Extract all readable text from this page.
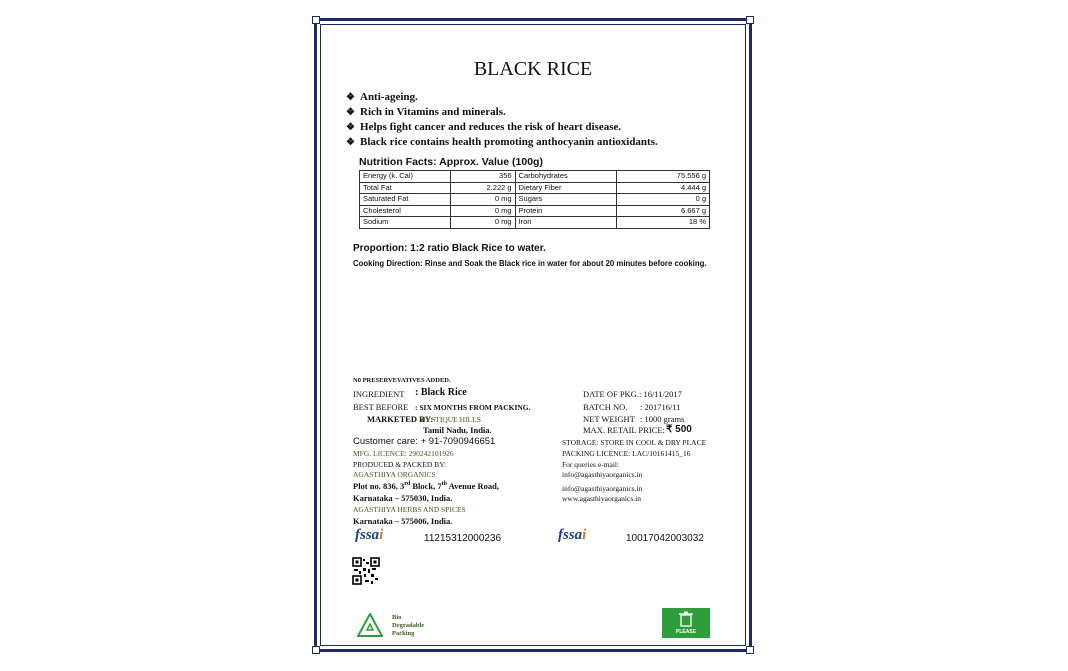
BLACK RICE
❖ Anti-ageing.
❖ Rich in Vitamins and minerals.
❖ Helps fight cancer and reduces the risk of heart disease.
❖ Black rice contains health promoting anthocyanin antioxidants.
Nutrition Facts: Approx. Value (100g)
Energy (k. Cal)	356	Carbohydrates	75.556 g
Total Fat	2.222 g	Dietary Fiber	4.444 g
Saturated Fat	0 mg	Sugars	0 g
Cholesterol	0 mg	Protein	6.667 g
Sodium	0 mg	Iron	18 %
Proportion: 1:2 ratio Black Rice to water.
Cooking Direction: Rinse and Soak the Black rice in water for about 20 minutes before cooking.
N0 PRESERVEVATIVES ADDED.
INGREDIENT : Black Rice
BEST BEFORE : SIX MONTHS FROM PACKING.
MARKETED BY:
MYSTIQUE HILLS
Tamil Nadu, India.
Customer care: + 91-7090946651
MFG. LICENCE: 290242101926
PRODUCED & PACKED BY:
AGASTHIYA ORGANICS
Plot no. 836, 3rd Block, 7th Avenue Road,
Karnataka – 575030, India.
AGASTHIYA HERBS AND SPICES
Karnataka – 575006, India.
DATE OF PKG.: 16/11/2017
BATCH NO. : 201716/11
NET WEIGHT : 1000 grams
MAX. RETAIL PRICE: ₹ 500
STORAGE: STORE IN COOL & DRY PLACE
PACKING LICENCE: LAC/10161415_16
For queries e-mail:
info@agasthiyaorganics.in
info@agasthiyaorganics.in
www.agasthiyaorganics.in
fssai	11215312000236	fssai	10017042003032
Bio
Degradable
Packing	PLEASE
